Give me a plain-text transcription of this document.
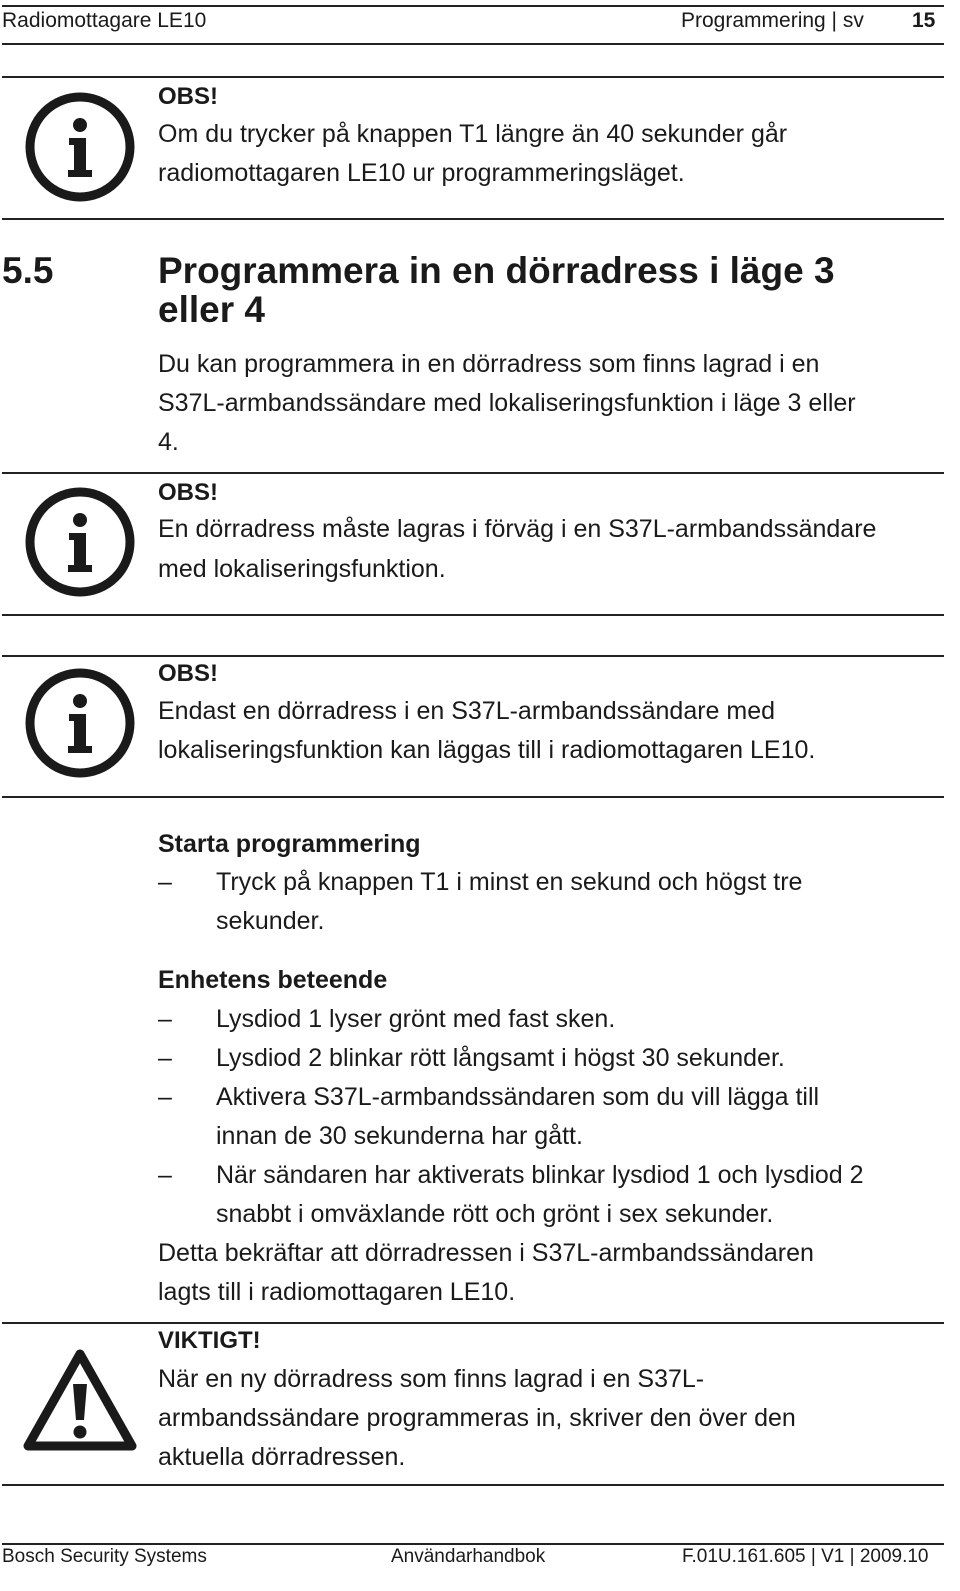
Radiomottagare LE10	Programmering | sv 15
OBS!
Om du trycker på knappen T1 längre än 40 sekunder går
radiomottagaren LE10 ur programmeringsläget.
5.5	Programmera in en dörradress i läge 3
eller 4
Du kan programmera in en dörradress som finns lagrad i en
S37L-armbandssändare med lokaliseringsfunktion i läge 3 eller
4.
OBS!
En dörradress måste lagras i förväg i en S37L-armbandssändare
med lokaliseringsfunktion.
OBS!
Endast en dörradress i en S37L-armbandssändare med
lokaliseringsfunktion kan läggas till i radiomottagaren LE10.
Starta programmering
– Tryck på knappen T1 i minst en sekund och högst tre
sekunder.
Enhetens beteende
– Lysdiod 1 lyser grönt med fast sken.
– Lysdiod 2 blinkar rött långsamt i högst 30 sekunder.
– Aktivera S37L-armbandssändaren som du vill lägga till
innan de 30 sekunderna har gått.
– När sändaren har aktiverats blinkar lysdiod 1 och lysdiod 2
snabbt i omväxlande rött och grönt i sex sekunder.
Detta bekräftar att dörradressen i S37L-armbandssändaren
lagts till i radiomottagaren LE10.
VIKTIGT!
När en ny dörradress som finns lagrad i en S37L-
armbandssändare programmeras in, skriver den över den
aktuella dörradressen.
Bosch Security Systems	Användarhandbok	F.01U.161.605 | V1 | 2009.10
